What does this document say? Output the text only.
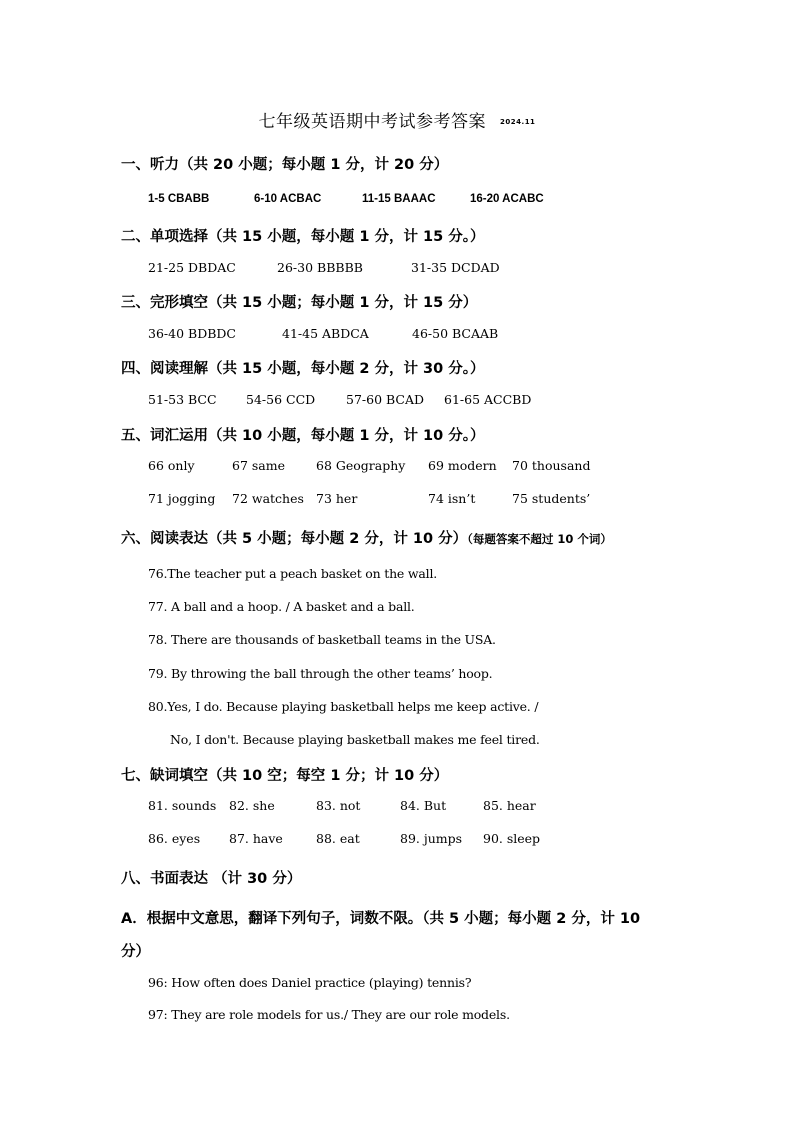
七年级英语期中考试参考答案 2024.11
一、听力（共 20 小题；每小题 1 分，计 20 分）
1-5 CBABB	6-10 ACBAC	11-15 BAAAC	16-20 ACABC
二、单项选择（共 15 小题，每小题 1 分，计 15 分。）
21-25 DBDAC	26-30 BBBBB	31-35 DCDAD
三、完形填空（共 15 小题；每小题 1 分，计 15 分）
36-40 BDBDC	41-45 ABDCA	46-50 BCAAB
四、阅读理解（共 15 小题，每小题 2 分，计 30 分。）
51-53 BCC 54-56 CCD 57-60 BCAD 61-65 ACCBD
五、词汇运用（共 10 小题，每小题 1 分，计 10 分。）
66 only	67 same 68 Geography 69 modern 70 thousand
71 jogging 72 watches 73 her	74 isn’t	75 students’
六、阅读表达（共 5 小题；每小题 2 分，计 10 分）（每题答案不超过 10 个词）
76.The teacher put a peach basket on the wall.
77. A ball and a hoop. / A basket and a ball.
78. There are thousands of basketball teams in the USA.
79. By throwing the ball through the other teams’ hoop.
80.Yes, I do. Because playing basketball helps me keep active. /
No, I don't. Because playing basketball makes me feel tired.
七、缺词填空（共 10 空；每空 1 分；计 10 分）
81. sounds 82. she	83. not	84. But	85. hear
86. eyes 87. have	88. eat	89. jumps 90. sleep
八、书面表达 （计 30 分）
A．根据中文意思，翻译下列句子，词数不限。（共 5 小题；每小题 2 分，计 10
分）
96: How often does Daniel practice (playing) tennis?
97: They are role models for us./ They are our role models.
